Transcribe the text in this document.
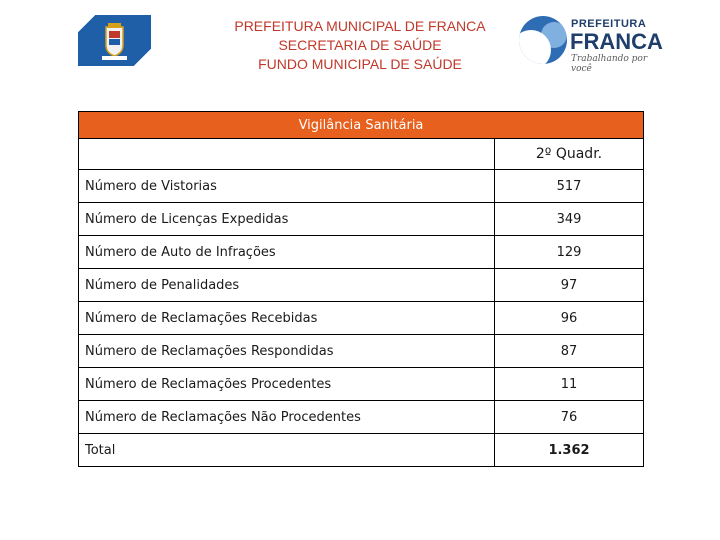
PREFEITURA MUNICIPAL DE FRANCA
SECRETARIA DE SAÚDE
FUNDO MUNICIPAL DE SAÚDE
PREFEITURA
FRANCA
Trabalhando por você
Vigilância Sanitária	
	2º Quadr.
Número de Vistorias	517
Número de Licenças Expedidas	349
Número de Auto de Infrações	129
Número de Penalidades	97
Número de Reclamações Recebidas	96
Número de Reclamações Respondidas	87
Número de Reclamações Procedentes	11
Número de Reclamações Não Procedentes	76
Total	1.362
